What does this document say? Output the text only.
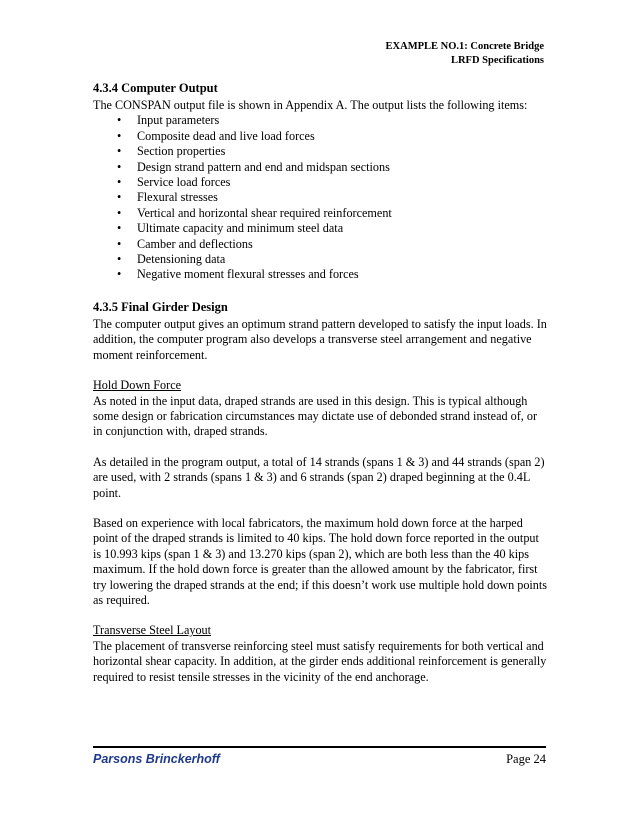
EXAMPLE NO.1: Concrete Bridge
LRFD Specifications
4.3.4 Computer Output

The CONSPAN output file is shown in Appendix A. The output lists the following items:

• Input parameters
• Composite dead and live load forces
• Section properties
• Design strand pattern and end and midspan sections
• Service load forces
• Flexural stresses
• Vertical and horizontal shear required reinforcement
• Ultimate capacity and minimum steel data
• Camber and deflections
• Detensioning data
• Negative moment flexural stresses and forces
4.3.5 Final Girder Design

The computer output gives an optimum strand pattern developed to satisfy the input loads. In addition, the computer program also develops a transverse steel arrangement and negative moment reinforcement.

Hold Down Force

As noted in the input data, draped strands are used in this design. This is typical although some design or fabrication circumstances may dictate use of debonded strand instead of, or in conjunction with, draped strands.

As detailed in the program output, a total of 14 strands (spans 1 & 3) and 44 strands (span 2) are used, with 2 strands (spans 1 & 3) and 6 strands (span 2) draped beginning at the 0.4L point.

Based on experience with local fabricators, the maximum hold down force at the harped point of the draped strands is limited to 40 kips. The hold down force reported in the output is 10.993 kips (span 1 & 3) and 13.270 kips (span 2), which are both less than the 40 kips maximum. If the hold down force is greater than the allowed amount by the fabricator, first try lowering the draped strands at the end; if this doesn’t work use multiple hold down points as required.

Transverse Steel Layout

The placement of transverse reinforcing steel must satisfy requirements for both vertical and horizontal shear capacity. In addition, at the girder ends additional reinforcement is generally required to resist tensile stresses in the vicinity of the end anchorage.

Parsons Brinckerhoff	Page 24
